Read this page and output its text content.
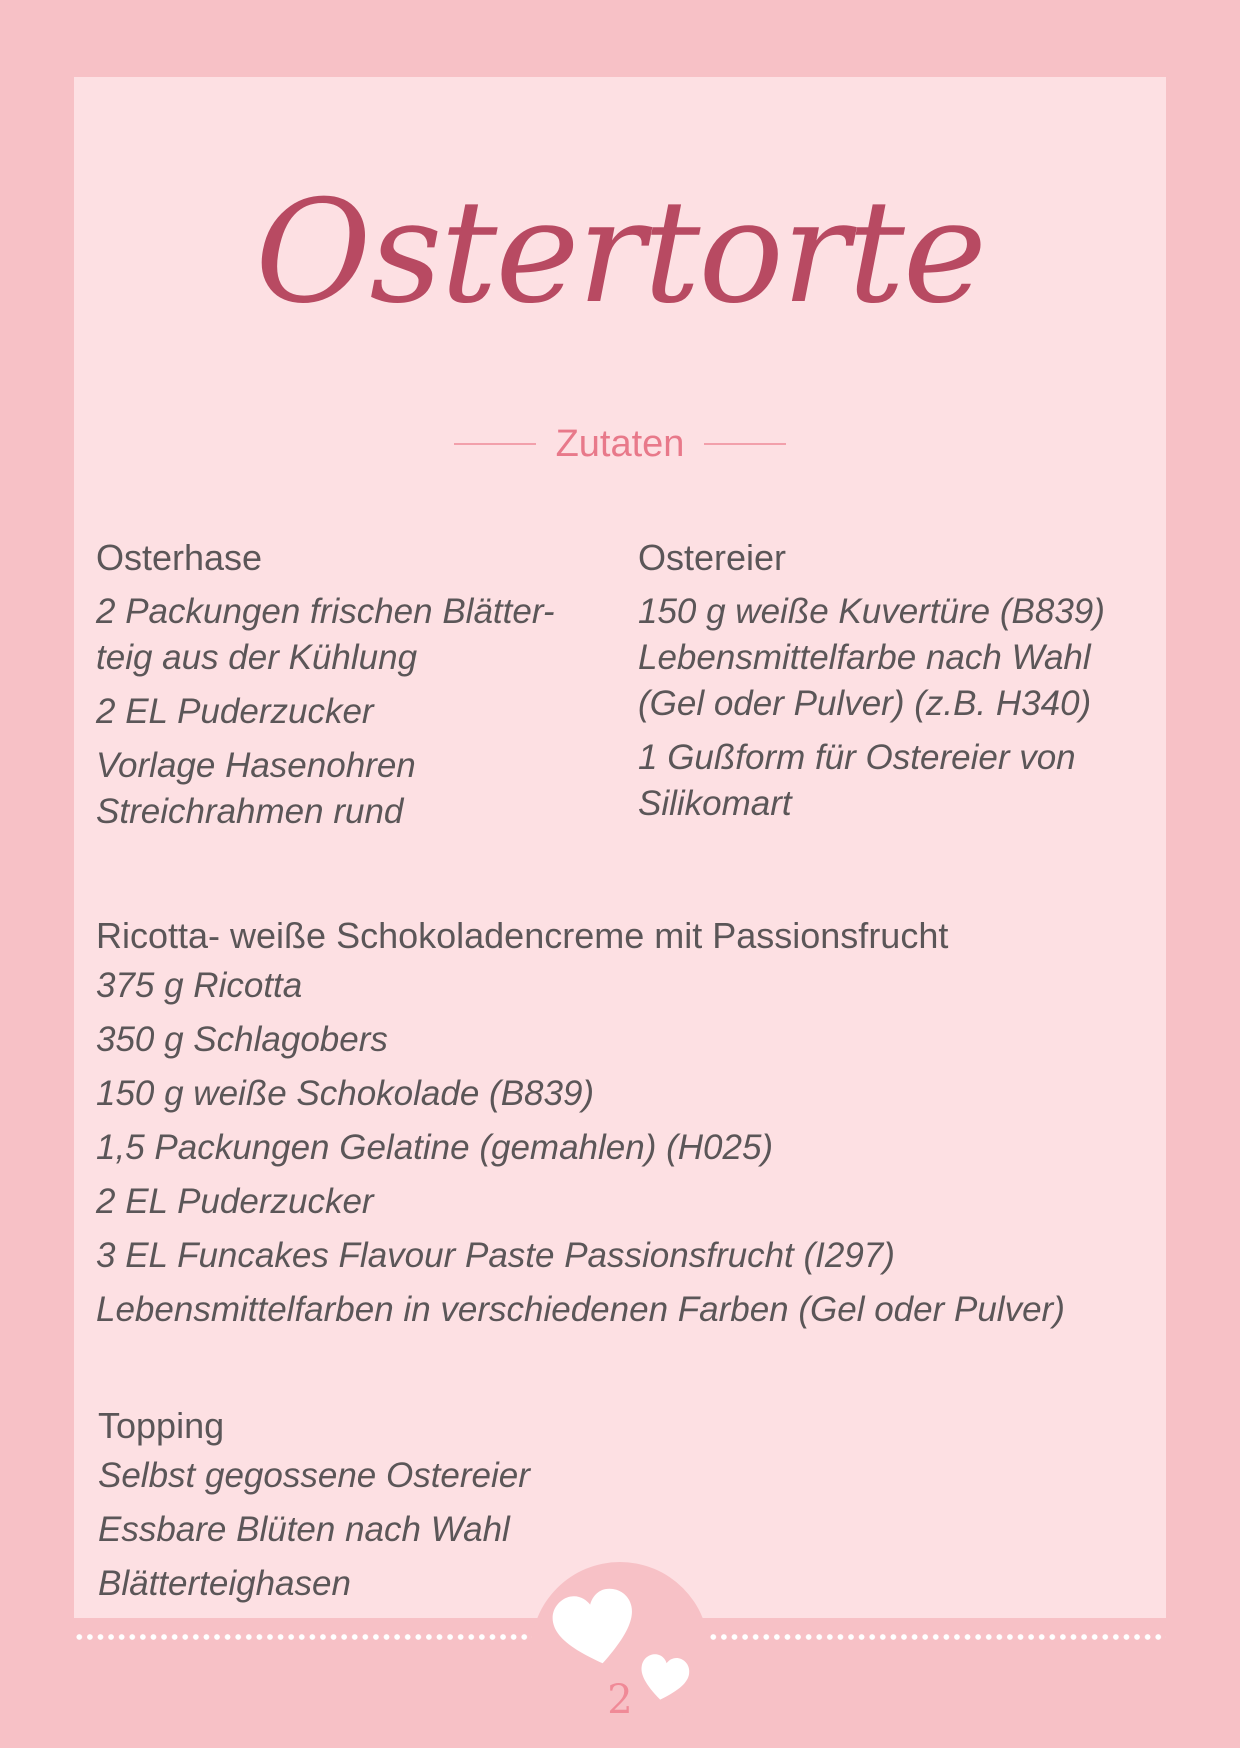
Ostertorte
Zutaten
Osterhase
2 Packungen frischen Blätter-
teig aus der Kühlung
2 EL Puderzucker
Vorlage Hasenohren
Streichrahmen rund
Ostereier
150 g weiße Kuvertüre (B839)
Lebensmittelfarbe nach Wahl
(Gel oder Pulver) (z.B. H340)
1 Gußform für Ostereier von
Silikomart
Ricotta- weiße Schokoladencreme mit Passionsfrucht
375 g Ricotta
350 g Schlagobers
150 g weiße Schokolade (B839)
1,5 Packungen Gelatine (gemahlen) (H025)
2 EL Puderzucker
3 EL Funcakes Flavour Paste Passionsfrucht (I297)
Lebensmittelfarben in verschiedenen Farben (Gel oder Pulver)
Topping
Selbst gegossene Ostereier
Essbare Blüten nach Wahl
Blätterteighasen
2
